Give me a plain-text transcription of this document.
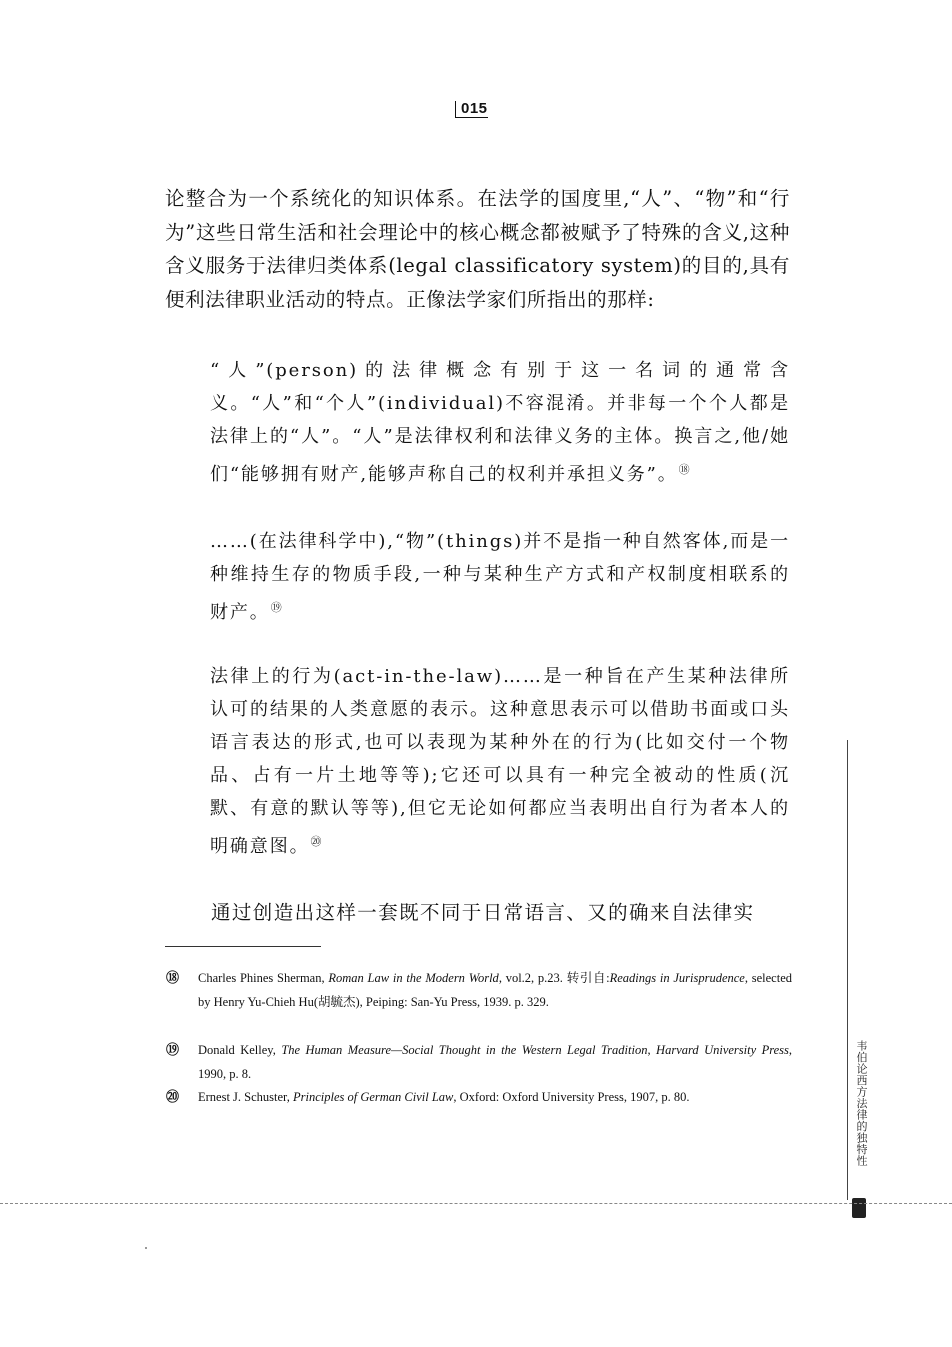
015
论整合为一个系统化的知识体系。在法学的国度里,“人”、“物”和“行为”这些日常生活和社会理论中的核心概念都被赋予了特殊的含义,这种含义服务于法律归类体系(legal classificatory system)的目的,具有便利法律职业活动的特点。正像法学家们所指出的那样:
“人”(person)的法律概念有别于这一名词的通常含义。“人”和“个人”(individual)不容混淆。并非每一个个人都是法律上的“人”。“人”是法律权利和法律义务的主体。换言之,他/她们“能够拥有财产,能够声称自己的权利并承担义务”。⑱
……(在法律科学中),“物”(things)并不是指一种自然客体,而是一种维持生存的物质手段,一种与某种生产方式和产权制度相联系的财产。⑲
法律上的行为(act-in-the-law)……是一种旨在产生某种法律所认可的结果的人类意愿的表示。这种意思表示可以借助书面或口头语言表达的形式,也可以表现为某种外在的行为(比如交付一个物品、占有一片土地等等);它还可以具有一种完全被动的性质(沉默、有意的默认等等),但它无论如何都应当表明出自行为者本人的明确意图。⑳
通过创造出这样一套既不同于日常语言、又的确来自法律实
⑱ Charles Phines Sherman, Roman Law in the Modern World, vol.2, p.23. 转引自:Readings in Jurisprudence, selected by Henry Yu-Chieh Hu(胡毓杰), Peiping: San-Yu Press, 1939. p. 329.
⑲ Donald Kelley, The Human Measure—Social Thought in the Western Legal Tradition, Harvard University Press, 1990, p. 8.
⑳ Ernest J. Schuster, Principles of German Civil Law, Oxford: Oxford University Press, 1907, p. 80.	韦伯论西方法律的独特性
